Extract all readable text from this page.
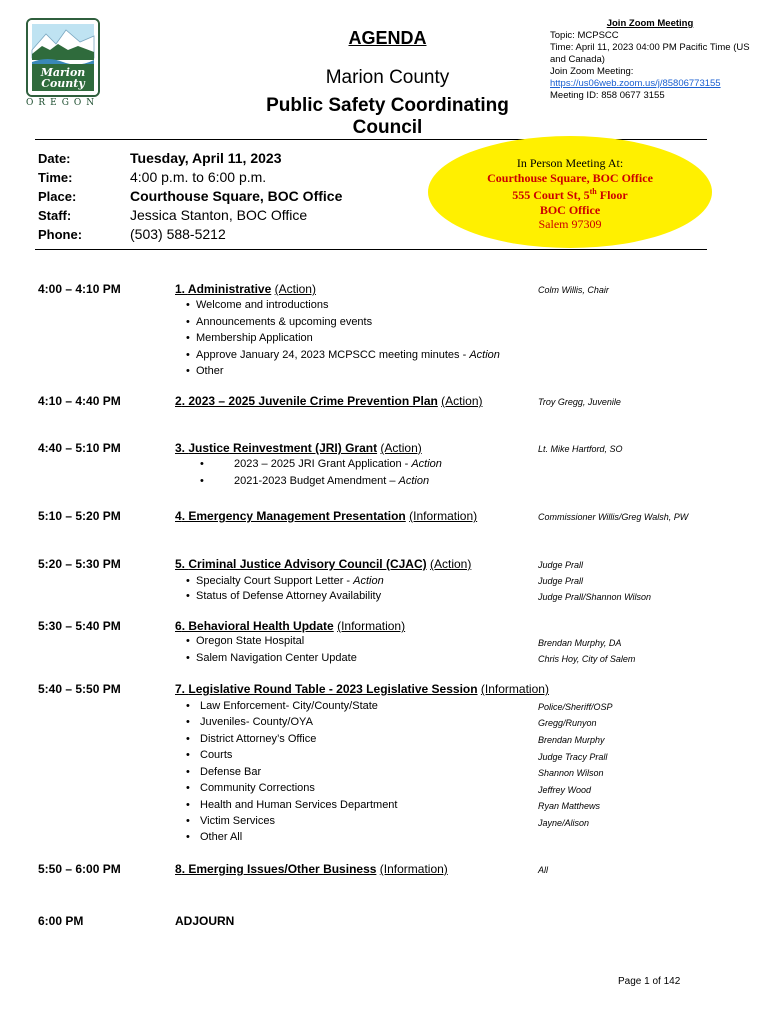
Marion
County
OREGON
AGENDA
Marion County
Public Safety Coordinating Council
Join Zoom Meeting
Topic: MCPSCC
Time: April 11, 2023 04:00 PM Pacific Time (US
and Canada)
Join Zoom Meeting:
https://us06web.zoom.us/j/85806773155
Meeting ID: 858 0677 3155
Date:	Tuesday, April 11, 2023
Time:	4:00 p.m. to 6:00 p.m.
Place:	Courthouse Square, BOC Office
Staff:	Jessica Stanton, BOC Office
Phone:	(503) 588-5212
In Person Meeting At:
Courthouse Square, BOC Office
555 Court St, 5th Floor
BOC Office
Salem 97309
4:00 – 4:10 PM	1. Administrative (Action)	Colm Willis, Chair
• Welcome and introductions
• Announcements & upcoming events
• Membership Application
• Approve January 24, 2023 MCPSCC meeting minutes - Action
• Other
4:10 – 4:40 PM	2. 2023 – 2025 Juvenile Crime Prevention Plan (Action)	Troy Gregg, Juvenile
4:40 – 5:10 PM	3. Justice Reinvestment (JRI) Grant (Action)	Lt. Mike Hartford, SO
•	2023 – 2025 JRI Grant Application - Action
•	2021-2023 Budget Amendment – Action
5:10 – 5:20 PM	4. Emergency Management Presentation (Information)	Commissioner Willis/Greg Walsh, PW
5:20 – 5:30 PM	5. Criminal Justice Advisory Council (CJAC) (Action)	Judge Prall
• Specialty Court Support Letter - Action	Judge Prall
• Status of Defense Attorney Availability	Judge Prall/Shannon Wilson
5:30 – 5:40 PM	6. Behavioral Health Update (Information)
• Oregon State Hospital	Brendan Murphy, DA
• Salem Navigation Center Update	Chris Hoy, City of Salem
5:40 – 5:50 PM	7. Legislative Round Table - 2023 Legislative Session (Information)
• Law Enforcement- City/County/State	Police/Sheriff/OSP
• Juveniles- County/OYA	Gregg/Runyon
• District Attorney’s Office	Brendan Murphy
• Courts	Judge Tracy Prall
• Defense Bar	Shannon Wilson
• Community Corrections	Jeffrey Wood
• Health and Human Services Department	Ryan Matthews
• Victim Services	Jayne/Alison
• Other All
5:50 – 6:00 PM	8. Emerging Issues/Other Business (Information)	All
6:00 PM	ADJOURN
Page 1 of 142
